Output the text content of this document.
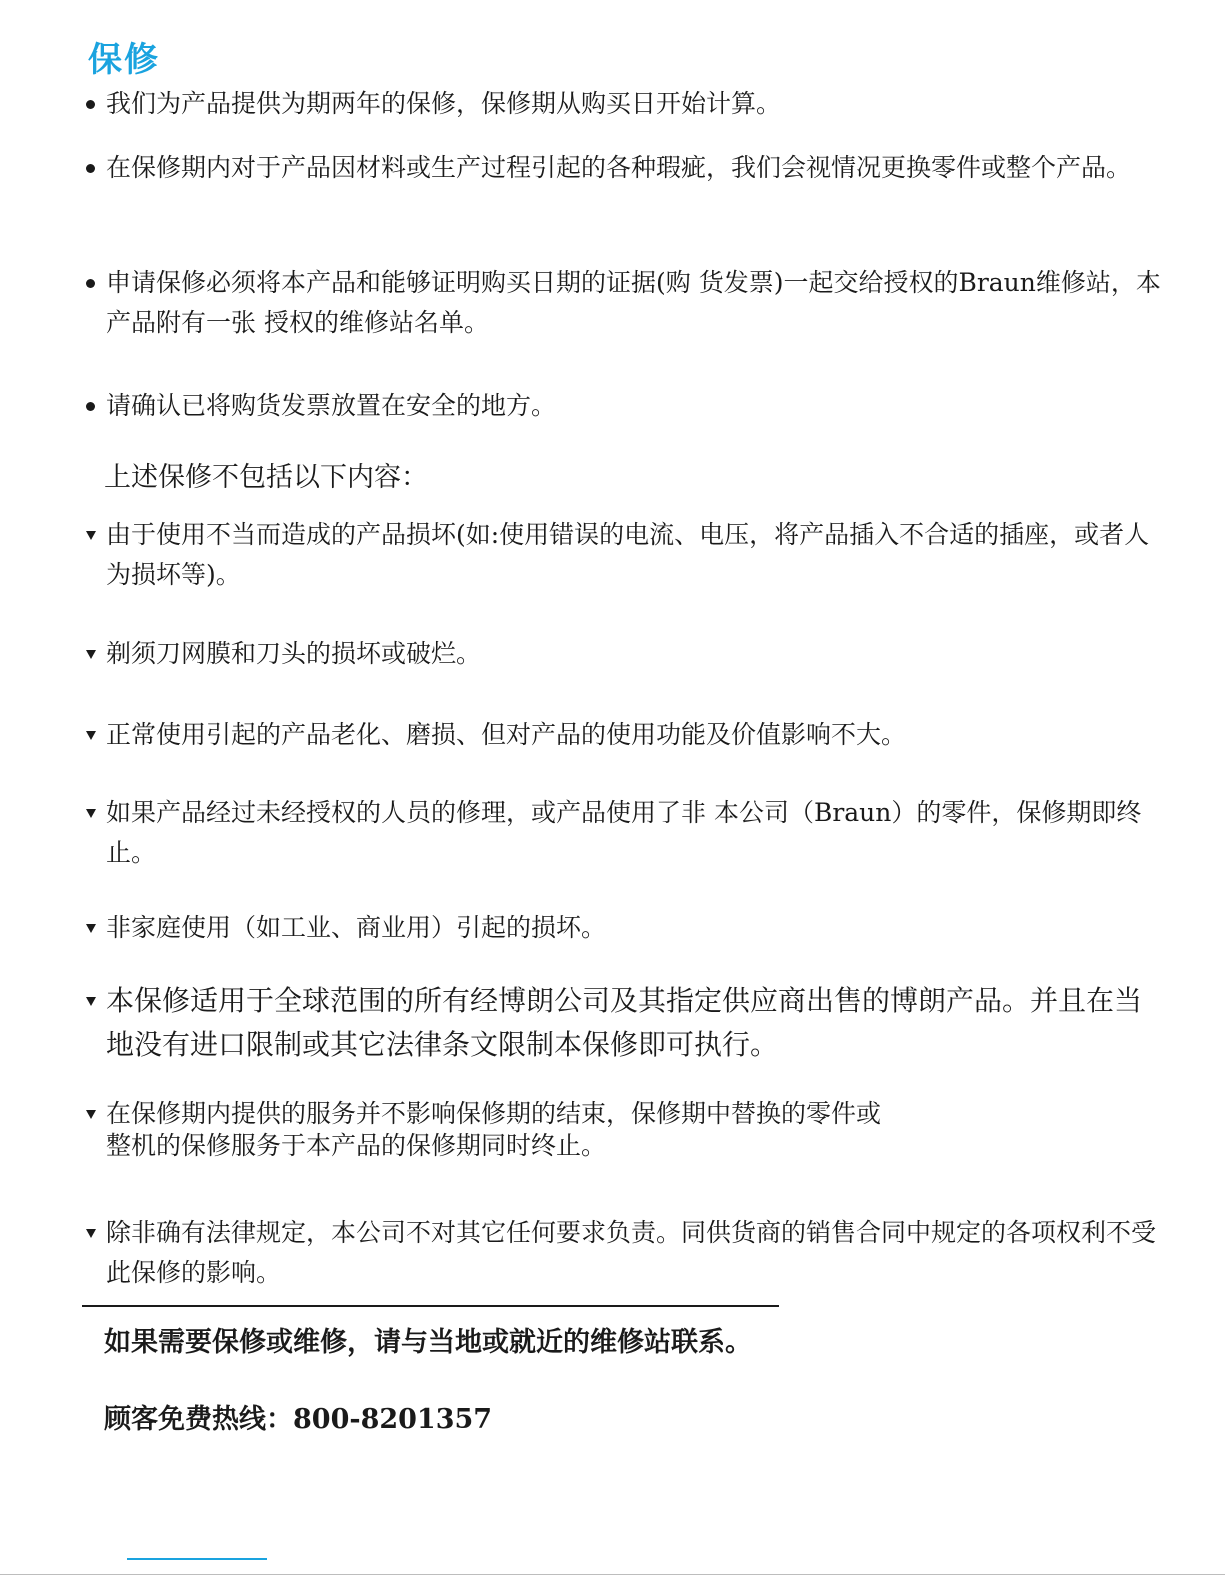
保修
我们为产品提供为期两年的保修，保修期从购买日开始计算。
在保修期内对于产品因材料或生产过程引起的各种瑕疵，我们会视情况更换零件或整个产品。
申请保修必须将本产品和能够证明购买日期的证据(购 货发票)一起交给授权的Braun维修站，本产品附有一张 授权的维修站名单。
请确认已将购货发票放置在安全的地方。
上述保修不包括以下内容：
由于使用不当而造成的产品损坏(如:使用错误的电流、电压，将产品插入不合适的插座，或者人为损坏等)。
剃须刀网膜和刀头的损坏或破烂。
正常使用引起的产品老化、磨损、但对产品的使用功能及价值影响不大。
如果产品经过未经授权的人员的修理，或产品使用了非 本公司（Braun）的零件，保修期即终止。
非家庭使用（如工业、商业用）引起的损坏。
本保修适用于全球范围的所有经博朗公司及其指定供应商出售的博朗产品。并且在当地没有进口限制或其它法律条文限制本保修即可执行。
在保修期内提供的服务并不影响保修期的结束，保修期中替换的零件或
整机的保修服务于本产品的保修期同时终止。
除非确有法律规定，本公司不对其它任何要求负责。同供货商的销售合同中规定的各项权利不受此保修的影响。
如果需要保修或维修，请与当地或就近的维修站联系。
顾客免费热线：800-8201357
